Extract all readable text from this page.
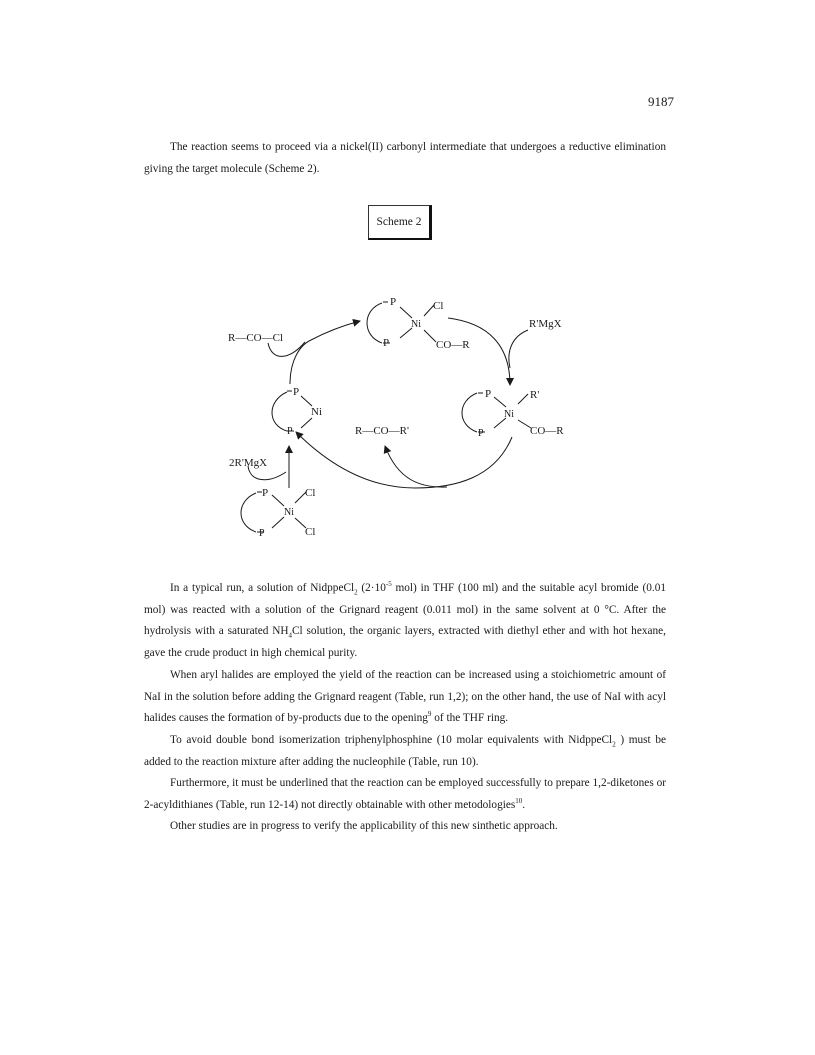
9187

The reaction seems to proceed via a nickel(II) carbonyl intermediate that undergoes a reductive elimination giving the target molecule (Scheme 2).

Scheme 2
P
P
Ni
Cl
CO—R
P
P
Ni
R'
CO—R
P
P
Ni
P
P
Ni
Cl
Cl
R—CO—Cl
R'MgX
2R'MgX
R—CO—R'

In a typical run, a solution of NidppeCl$_2$ ($2\cdot 10^{-5}$ mol) in THF (100 ml) and the suitable acyl bromide (0.01 mol) was reacted with a solution of the Grignard reagent (0.011 mol) in the same solvent at 0 °C. After the hydrolysis with a saturated $NH_4Cl$ solution, the organic layers, extracted with diethyl ether and with hot hexane, gave the crude product in high chemical purity.

When aryl halides are employed the yield of the reaction can be increased using a stoichiometric amount of NaI in the solution before adding the Grignard reagent (Table, run 1,2); on the other hand, the use of NaI with acyl halides causes the formation of by-products due to the opening$^9$ of the THF ring.

To avoid double bond isomerization triphenylphosphine (10 molar equivalents with NidppeCl$_2$ ) must be added to the reaction mixture after adding the nucleophile (Table, run 10).

Furthermore, it must be underlined that the reaction can be employed successfully to prepare 1,2-diketones or 2-acyldithianes (Table, run 12-14) not directly obtainable with other metodologies$^{10}$.

Other studies are in progress to verify the applicability of this new sinthetic approach.
